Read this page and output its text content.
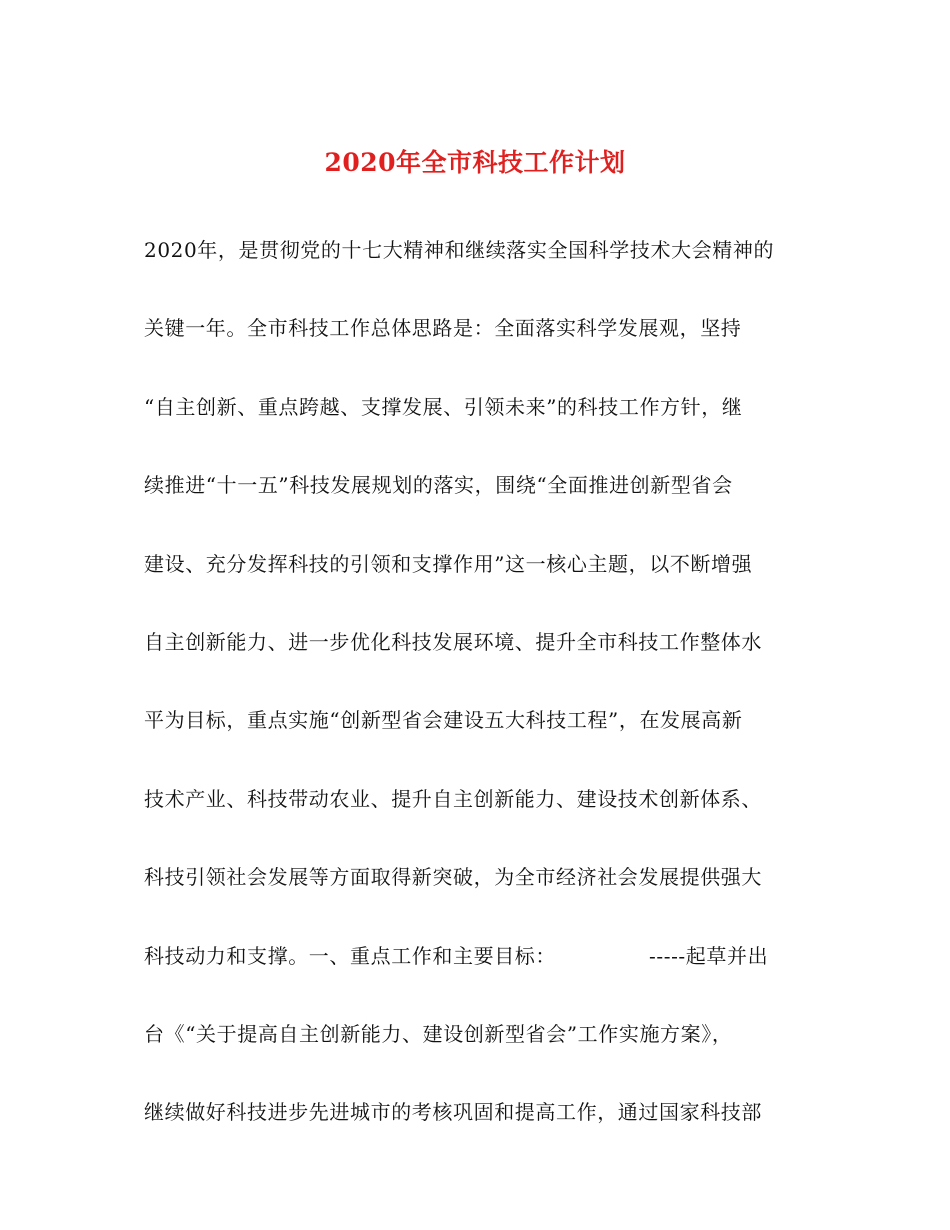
2020年全市科技工作计划
2020年，是贯彻党的十七大精神和继续落实全国科学技术大会精神的
关键一年。全市科技工作总体思路是：全面落实科学发展观，坚持
“自主创新、重点跨越、支撑发展、引领未来”的科技工作方针，继
续推进“十一五”科技发展规划的落实，围绕“全面推进创新型省会
建设、充分发挥科技的引领和支撑作用”这一核心主题，以不断增强
自主创新能力、进一步优化科技发展环境、提升全市科技工作整体水
平为目标，重点实施“创新型省会建设五大科技工程”，在发展高新
技术产业、科技带动农业、提升自主创新能力、建设技术创新体系、
科技引领社会发展等方面取得新突破，为全市经济社会发展提供强大
科技动力和支撑。一、重点工作和主要目标：　　　　　-----起草并出
台《“关于提高自主创新能力、建设创新型省会”工作实施方案》，
继续做好科技进步先进城市的考核巩固和提高工作，通过国家科技部
